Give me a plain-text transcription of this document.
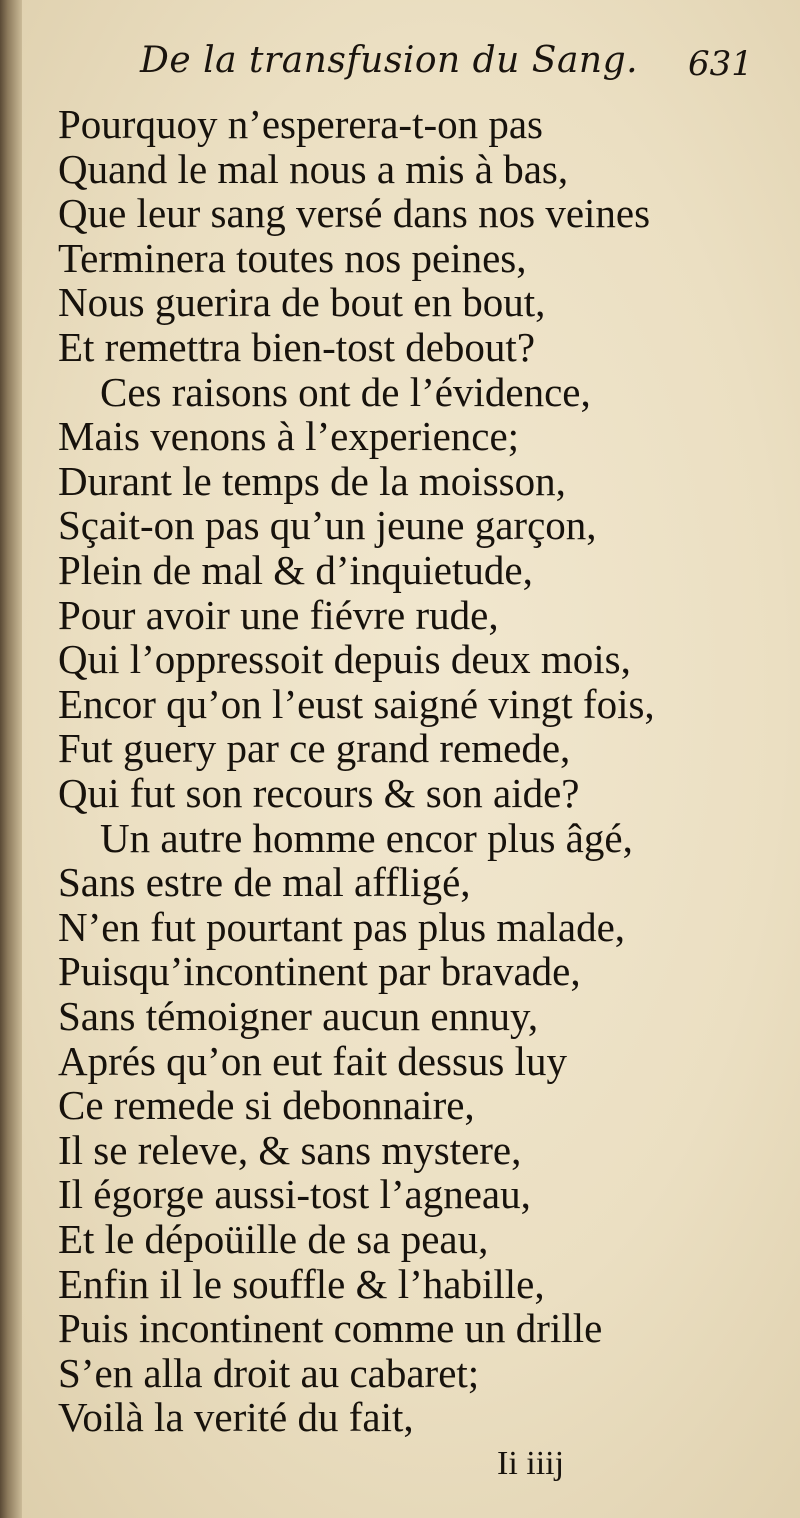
De la transfusion du Sang. 631
Pourquoy n’esperera-t-on pas
Quand le mal nous a mis à bas,
Que leur sang versé dans nos veines
Terminera toutes nos peines,
Nous guerira de bout en bout,
Et remettra bien-tost debout?
Ces raisons ont de l’évidence,
Mais venons à l’experience;
Durant le temps de la moisson,
Sçait-on pas qu’un jeune garçon,
Plein de mal & d’inquietude,
Pour avoir une fiévre rude,
Qui l’oppressoit depuis deux mois,
Encor qu’on l’eust saigné vingt fois,
Fut guery par ce grand remede,
Qui fut son recours & son aide?
Un autre homme encor plus âgé,
Sans estre de mal affligé,
N’en fut pourtant pas plus malade,
Puisqu’incontinent par bravade,
Sans témoigner aucun ennuy,
Aprés qu’on eut fait dessus luy
Ce remede si debonnaire,
Il se releve, & sans mystere,
Il égorge aussi-tost l’agneau,
Et le dépoüille de sa peau,
Enfin il le souffle & l’habille,
Puis incontinent comme un drille
S’en alla droit au cabaret;
Voilà la verité du fait,
Ii iiij
